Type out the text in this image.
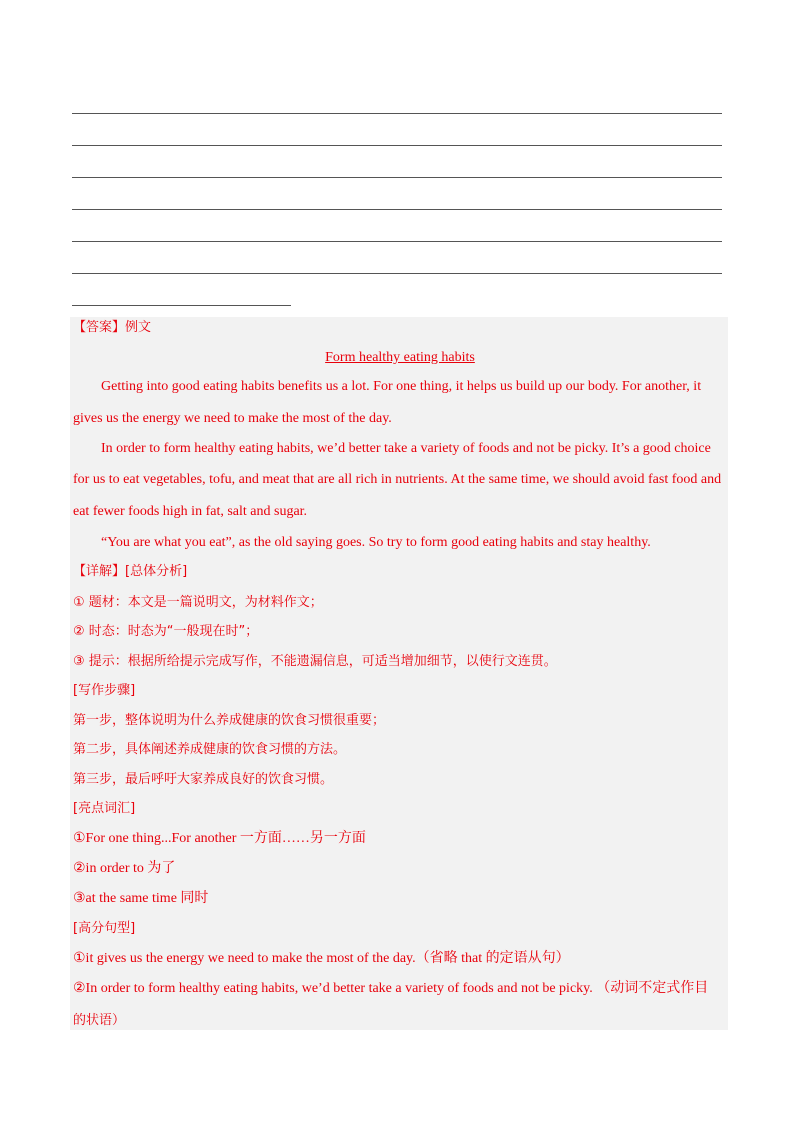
【答案】例文
Form healthy eating habits
Getting into good eating habits benefits us a lot. For one thing, it helps us build up our body. For another, it
gives us the energy we need to make the most of the day.
In order to form healthy eating habits, we’d better take a variety of foods and not be picky. It’s a good choice
for us to eat vegetables, tofu, and meat that are all rich in nutrients. At the same time, we should avoid fast food and
eat fewer foods high in fat, salt and sugar.
“You are what you eat”, as the old saying goes. So try to form good eating habits and stay healthy.
【详解】[总体分析]
① 题材：本文是一篇说明文，为材料作文；
② 时态：时态为“一般现在时”；
③ 提示：根据所给提示完成写作，不能遗漏信息，可适当增加细节，以使行文连贯。
[写作步骤]
第一步，整体说明为什么养成健康的饮食习惯很重要；
第二步，具体阐述养成健康的饮食习惯的方法。
第三步，最后呼吁大家养成良好的饮食习惯。
[亮点词汇]
①For one thing...For another 一方面……另一方面
②in order to 为了
③at the same time 同时
[高分句型]
①it gives us the energy we need to make the most of the day.（省略 that 的定语从句）
②In order to form healthy eating habits, we’d better take a variety of foods and not be picky. （动词不定式作目
的状语）
